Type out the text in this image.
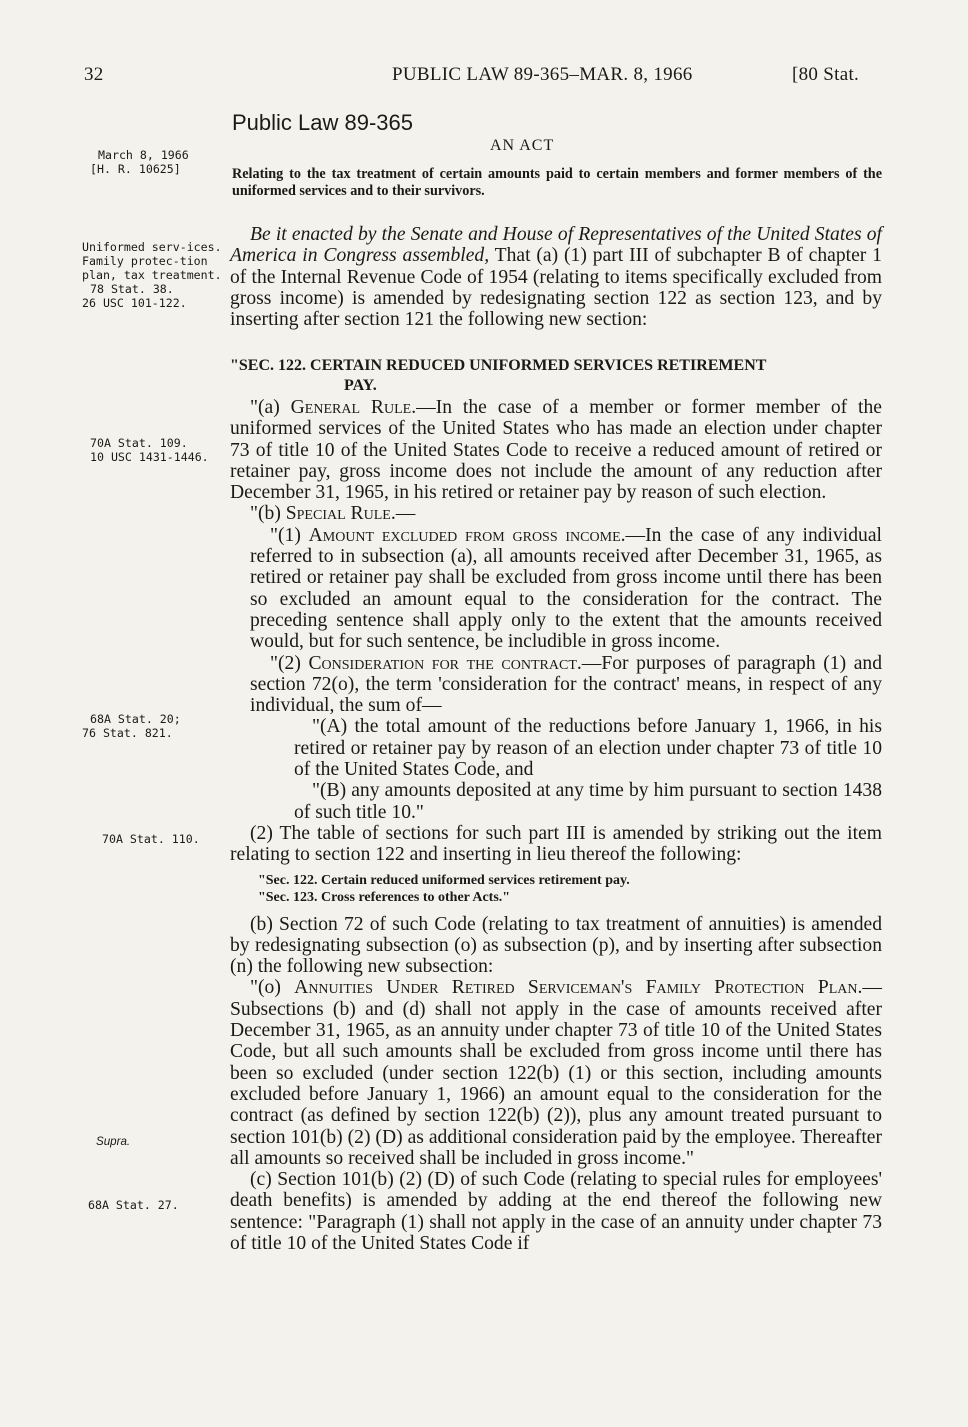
32	PUBLIC LAW 89-365–MAR. 8, 1966	[80 Stat.
Public Law 89-365
AN ACT
Relating to the tax treatment of certain amounts paid to certain members and former members of the uniformed services and to their survivors.
March 8, 1966
[H. R. 10625]
Uniformed serv-ices.
Family protec-tion plan, tax treatment.
78 Stat. 38.
26 USC 101-122.
70A Stat. 109.
10 USC 1431-1446.
68A Stat. 20;
76 Stat. 821.
70A Stat. 110.
Supra.
68A Stat. 27.

Be it enacted by the Senate and House of Representatives of the United States of America in Congress assembled, That (a) (1) part III of subchapter B of chapter 1 of the Internal Revenue Code of 1954 (relating to items specifically excluded from gross income) is amended by redesignating section 122 as section 123, and by inserting after section 121 the following new section:

"SEC. 122. CERTAIN REDUCED UNIFORMED SERVICES RETIREMENT
PAY.

"(a) General Rule.—In the case of a member or former member of the uniformed services of the United States who has made an election under chapter 73 of title 10 of the United States Code to receive a reduced amount of retired or retainer pay, gross income does not include the amount of any reduction after December 31, 1965, in his retired or retainer pay by reason of such election.

"(b) Special Rule.—

"(1) Amount excluded from gross income.—In the case of any individual referred to in subsection (a), all amounts received after December 31, 1965, as retired or retainer pay shall be excluded from gross income until there has been so excluded an amount equal to the consideration for the contract. The preceding sentence shall apply only to the extent that the amounts received would, but for such sentence, be includible in gross income.

"(2) Consideration for the contract.—For purposes of paragraph (1) and section 72(o), the term 'consideration for the contract' means, in respect of any individual, the sum of—

"(A) the total amount of the reductions before January 1, 1966, in his retired or retainer pay by reason of an election under chapter 73 of title 10 of the United States Code, and

"(B) any amounts deposited at any time by him pursuant to section 1438 of such title 10."

(2) The table of sections for such part III is amended by striking out the item relating to section 122 and inserting in lieu thereof the following:

"Sec. 122. Certain reduced uniformed services retirement pay.
"Sec. 123. Cross references to other Acts."

(b) Section 72 of such Code (relating to tax treatment of annuities) is amended by redesignating subsection (o) as subsection (p), and by inserting after subsection (n) the following new subsection:

"(o) Annuities Under Retired Serviceman's Family Protection Plan.—Subsections (b) and (d) shall not apply in the case of amounts received after December 31, 1965, as an annuity under chapter 73 of title 10 of the United States Code, but all such amounts shall be excluded from gross income until there has been so excluded (under section 122(b) (1) or this section, including amounts excluded before January 1, 1966) an amount equal to the consideration for the contract (as defined by section 122(b) (2)), plus any amount treated pursuant to section 101(b) (2) (D) as additional consideration paid by the employee. Thereafter all amounts so received shall be included in gross income."

(c) Section 101(b) (2) (D) of such Code (relating to special rules for employees' death benefits) is amended by adding at the end thereof the following new sentence: "Paragraph (1) shall not apply in the case of an annuity under chapter 73 of title 10 of the United States Code if
